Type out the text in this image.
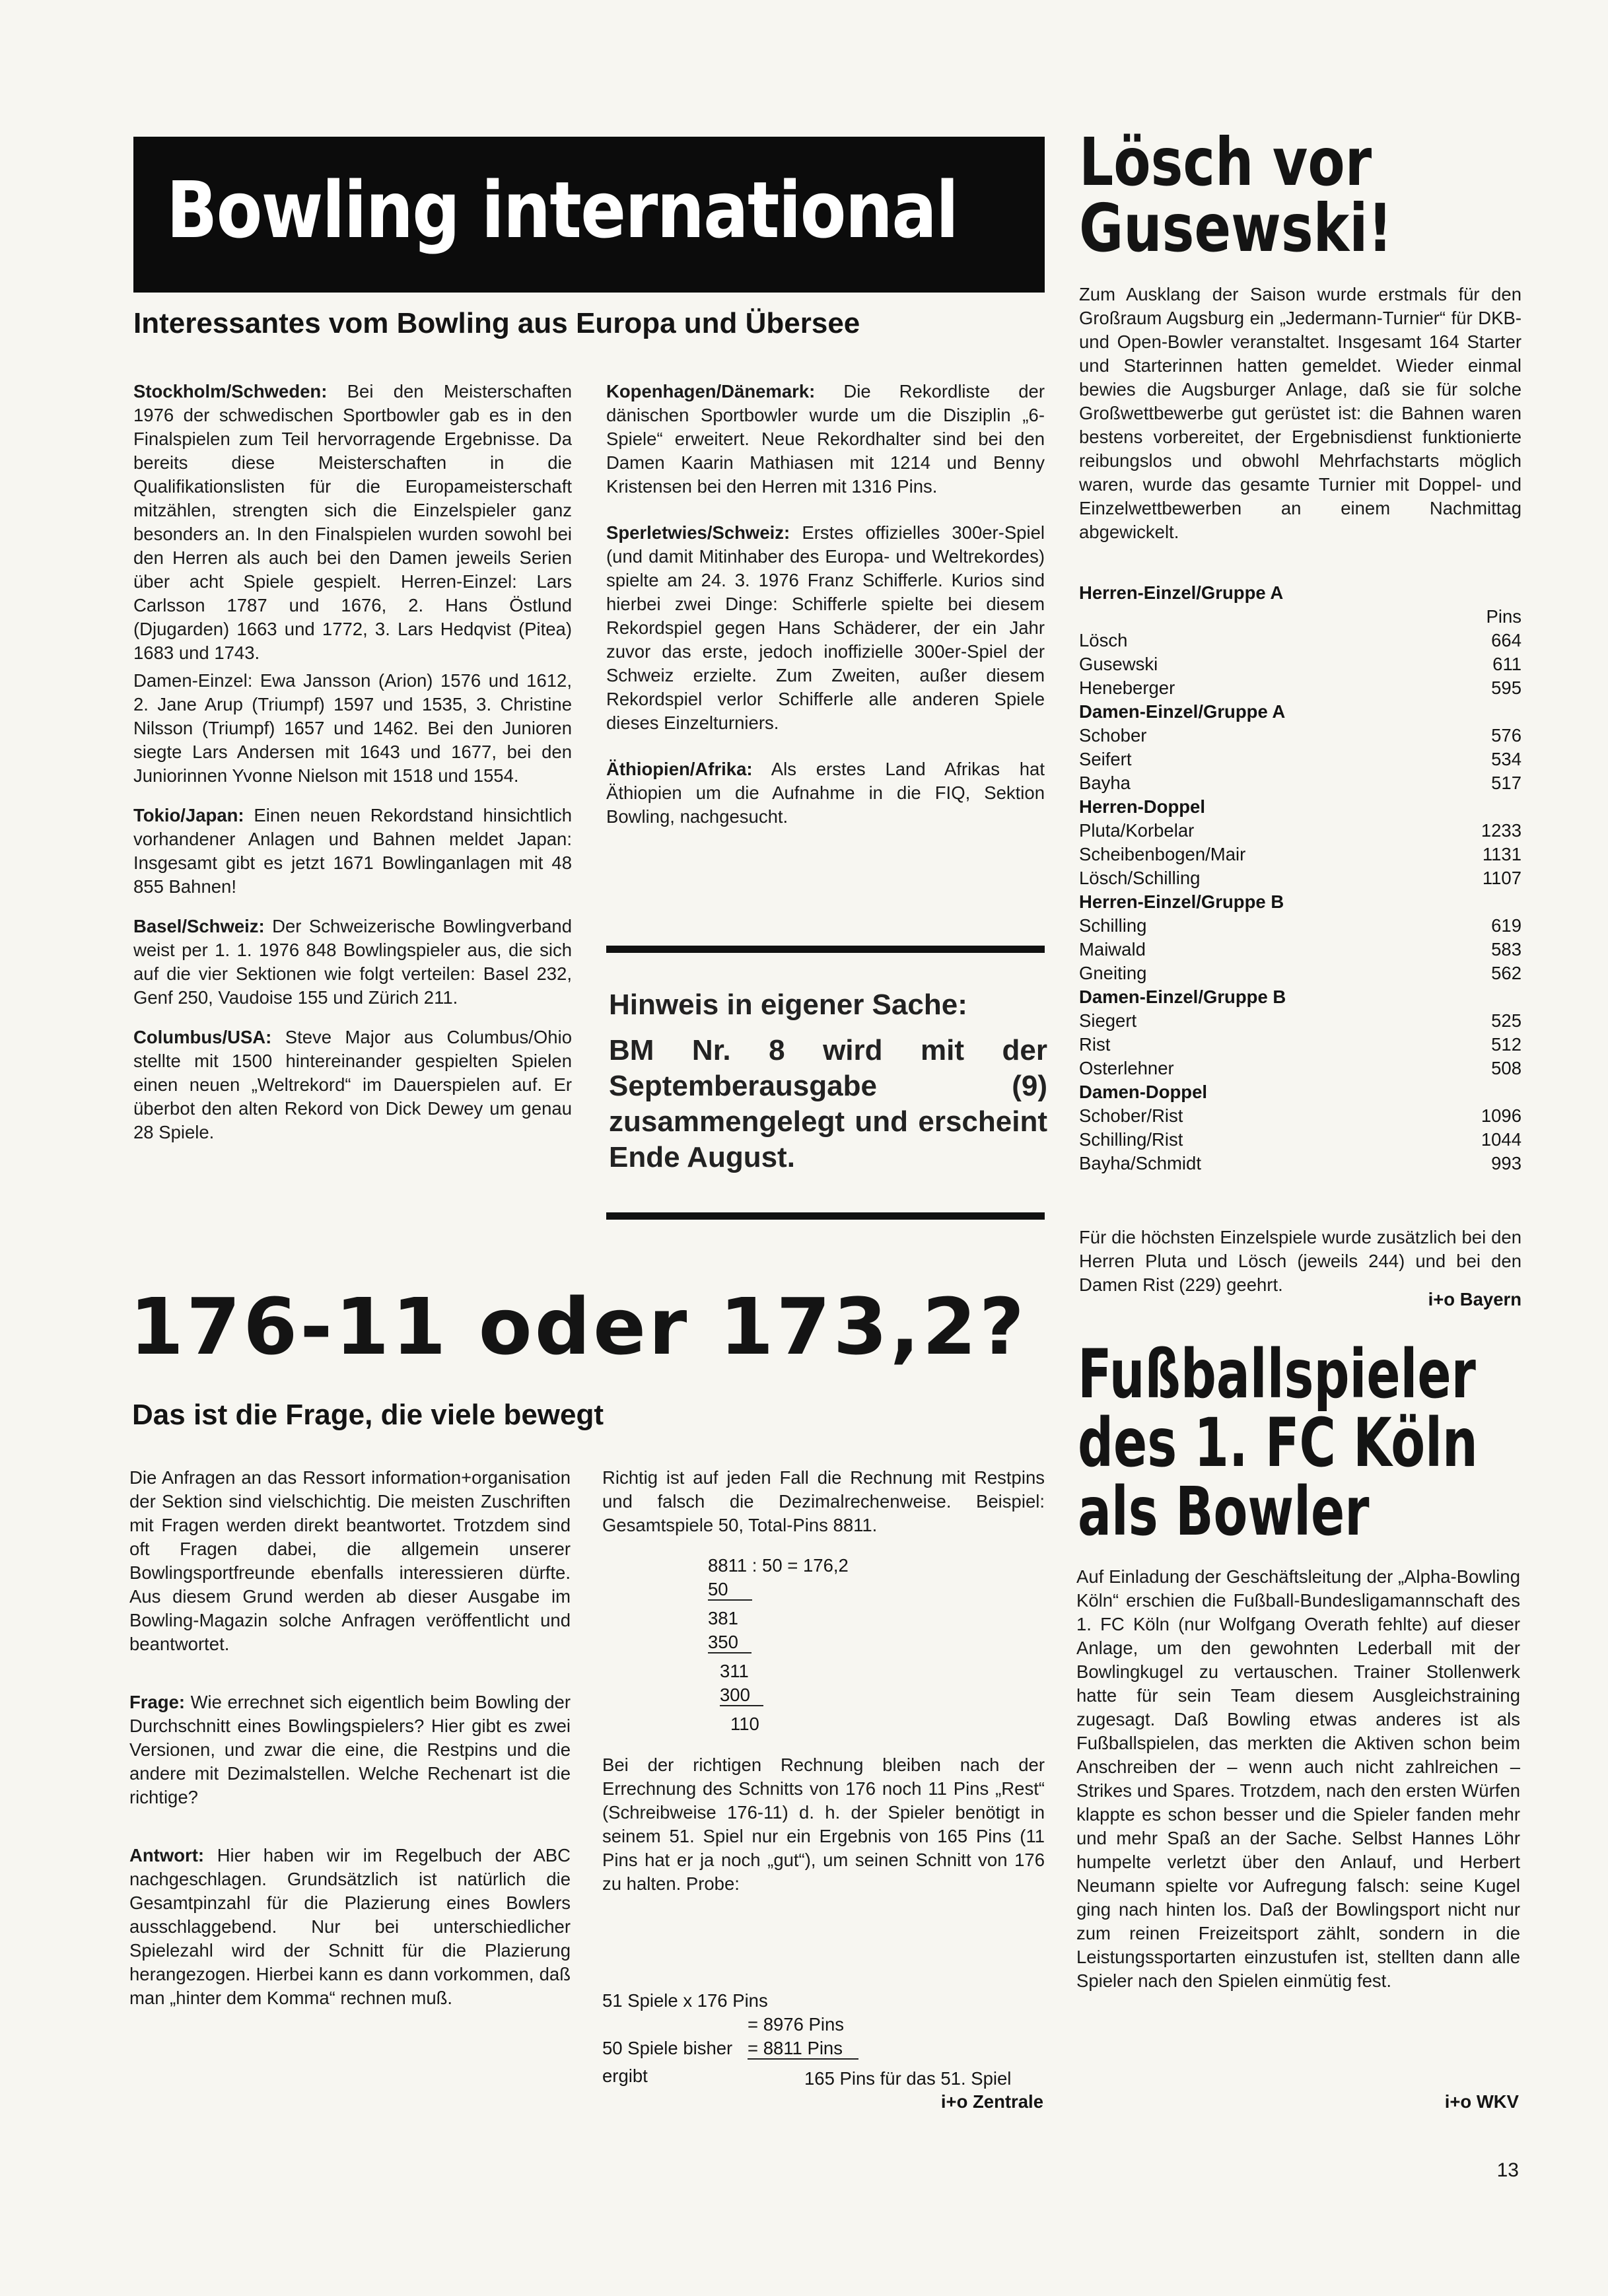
Bowling international
Interessantes vom Bowling aus Europa und Übersee

Stockholm/Schweden: Bei den Meisterschaften 1976 der schwedischen Sportbowler gab es in den Finalspielen zum Teil hervorragende Ergebnisse. Da bereits diese Meisterschaften in die Qualifikationslisten für die Europameisterschaft mitzählen, strengten sich die Einzelspieler ganz besonders an. In den Finalspielen wurden sowohl bei den Herren als auch bei den Damen jeweils Serien über acht Spiele gespielt. Herren-Einzel: Lars Carlsson 1787 und 1676, 2. Hans Östlund (Djugarden) 1663 und 1772, 3. Lars Hedqvist (Pitea) 1683 und 1743.

Damen-Einzel: Ewa Jansson (Arion) 1576 und 1612, 2. Jane Arup (Triumpf) 1597 und 1535, 3. Christine Nilsson (Triumpf) 1657 und 1462. Bei den Junioren siegte Lars Andersen mit 1643 und 1677, bei den Juniorinnen Yvonne Nielson mit 1518 und 1554.

Tokio/Japan: Einen neuen Rekordstand hinsichtlich vorhandener Anlagen und Bahnen meldet Japan: Insgesamt gibt es jetzt 1671 Bowlinganlagen mit 48 855 Bahnen!

Basel/Schweiz: Der Schweizerische Bowlingverband weist per 1. 1. 1976 848 Bowlingspieler aus, die sich auf die vier Sektionen wie folgt verteilen: Basel 232, Genf 250, Vaudoise 155 und Zürich 211.

Columbus/USA: Steve Major aus Columbus/Ohio stellte mit 1500 hintereinander gespielten Spielen einen neuen „Weltrekord“ im Dauerspielen auf. Er überbot den alten Rekord von Dick Dewey um genau 28 Spiele.

Kopenhagen/Dänemark: Die Rekordliste der dänischen Sportbowler wurde um die Disziplin „6-Spiele“ erweitert. Neue Rekordhalter sind bei den Damen Kaarin Mathiasen mit 1214 und Benny Kristensen bei den Herren mit 1316 Pins.

Sperletwies/Schweiz: Erstes offizielles 300er-Spiel (und damit Mitinhaber des Europa- und Weltrekordes) spielte am 24. 3. 1976 Franz Schifferle. Kurios sind hierbei zwei Dinge: Schifferle spielte bei diesem Rekordspiel gegen Hans Schäderer, der ein Jahr zuvor das erste, jedoch inoffizielle 300er-Spiel der Schweiz erzielte. Zum Zweiten, außer diesem Rekordspiel verlor Schifferle alle anderen Spiele dieses Einzelturniers.

Äthiopien/Afrika: Als erstes Land Afrikas hat Äthiopien um die Aufnahme in die FIQ, Sektion Bowling, nachgesucht.

Hinweis in eigener Sache:
BM Nr. 8 wird mit der Septemberausgabe (9) zusammengelegt und erscheint Ende August.
Lösch vor
Gusewski!
Zum Ausklang der Saison wurde erstmals für den Großraum Augsburg ein „Jedermann-Turnier“ für DKB- und Open-Bowler veranstaltet. Insgesamt 164 Starter und Starterinnen hatten gemeldet. Wieder einmal bewies die Augsburger Anlage, daß sie für solche Großwettbewerbe gut gerüstet ist: die Bahnen waren bestens vorbereitet, der Ergebnisdienst funktionierte reibungslos und obwohl Mehrfachstarts möglich waren, wurde das gesamte Turnier mit Doppel- und Einzelwettbewerben an einem Nachmittag abgewickelt.
Herren-Einzel/Gruppe A
Pins
Lösch	664
Gusewski	611
Heneberger	595
Damen-Einzel/Gruppe A	
Schober	576
Seifert	534
Bayha	517
Herren-Doppel	
Pluta/Korbelar	1233
Scheibenbogen/Mair	1131
Lösch/Schilling	1107
Herren-Einzel/Gruppe B	
Schilling	619
Maiwald	583
Gneiting	562
Damen-Einzel/Gruppe B	
Siegert	525
Rist	512
Osterlehner	508
Damen-Doppel	
Schober/Rist	1096
Schilling/Rist	1044
Bayha/Schmidt	993
Für die höchsten Einzelspiele wurde zusätzlich bei den Herren Pluta und Lösch (jeweils 244) und bei den Damen Rist (229) geehrt.
i+o Bayern
176-11 oder 173,2?
Das ist die Frage, die viele bewegt

Die Anfragen an das Ressort information+organisation der Sektion sind vielschichtig. Die meisten Zuschriften mit Fragen werden direkt beantwortet. Trotzdem sind oft Fragen dabei, die allgemein unserer Bowlingsportfreunde ebenfalls interessieren dürfte. Aus diesem Grund werden ab dieser Ausgabe im Bowling-Magazin solche Anfragen veröffentlicht und beantwortet.

Frage: Wie errechnet sich eigentlich beim Bowling der Durchschnitt eines Bowlingspielers? Hier gibt es zwei Versionen, und zwar die eine, die Restpins und die andere mit Dezimalstellen. Welche Rechenart ist die richtige?

Antwort: Hier haben wir im Regelbuch der ABC nachgeschlagen. Grundsätzlich ist natürlich die Gesamtpinzahl für die Plazierung eines Bowlers ausschlaggebend. Nur bei unterschiedlicher Spielezahl wird der Schnitt für die Plazierung herangezogen. Hierbei kann es dann vorkommen, daß man „hinter dem Komma“ rechnen muß.

Richtig ist auf jeden Fall die Rechnung mit Restpins und falsch die Dezimalrechenweise. Beispiel: Gesamtspiele 50, Total-Pins 8811.

8811 : 50 = 176,2
50
381
350
311
300
110
Bei der richtigen Rechnung bleiben nach der Errechnung des Schnitts von 176 noch 11 Pins „Rest“ (Schreibweise 176-11) d. h. der Spieler benötigt in seinem 51. Spiel nur ein Ergebnis von 165 Pins (11 Pins hat er ja noch „gut“), um seinen Schnitt von 176 zu halten. Probe:
51 Spiele x 176 Pins
= 8976 Pins
50 Spiele bisher = 8811 Pins
ergibt	165 Pins für das 51. Spiel
i+o Zentrale
Fußballspieler
des 1. FC Köln
als Bowler
Auf Einladung der Geschäftsleitung der „Alpha-Bowling Köln“ erschien die Fußball-Bundesligamannschaft des 1. FC Köln (nur Wolfgang Overath fehlte) auf dieser Anlage, um den gewohnten Lederball mit der Bowlingkugel zu vertauschen. Trainer Stollenwerk hatte für sein Team diesem Ausgleichstraining zugesagt. Daß Bowling etwas anderes ist als Fußballspielen, das merkten die Aktiven schon beim Anschreiben der – wenn auch nicht zahlreichen – Strikes und Spares. Trotzdem, nach den ersten Würfen klappte es schon besser und die Spieler fanden mehr und mehr Spaß an der Sache. Selbst Hannes Löhr humpelte verletzt über den Anlauf, und Herbert Neumann spielte vor Aufregung falsch: seine Kugel ging nach hinten los. Daß der Bowlingsport nicht nur zum reinen Freizeitsport zählt, sondern in die Leistungssportarten einzustufen ist, stellten dann alle Spieler nach den Spielen einmütig fest.
i+o WKV
13
